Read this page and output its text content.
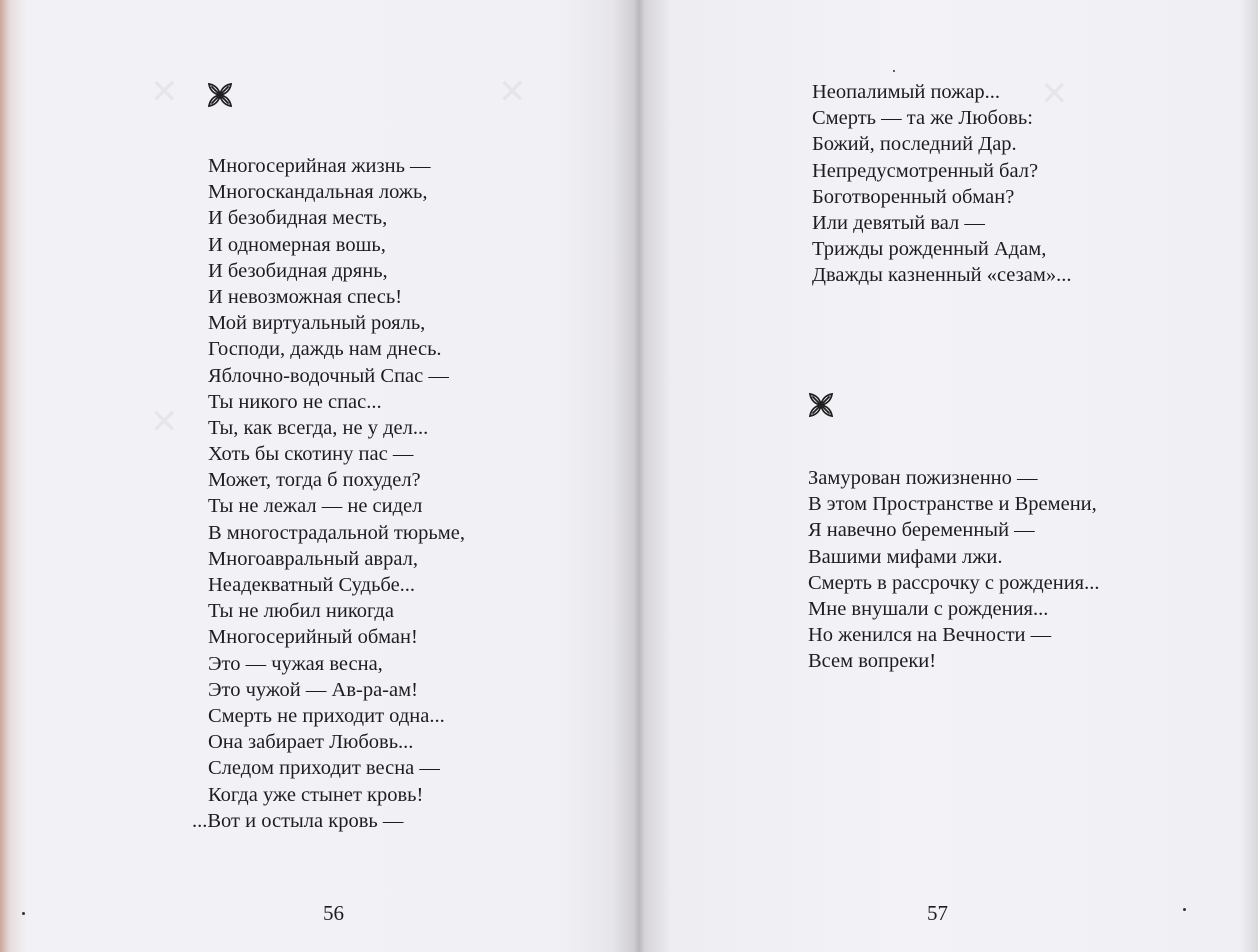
✕	✕
✕
Многосерийная жизнь —
Многоскандальная ложь,
И безобидная месть,
И одномерная вошь,
И безобидная дрянь,
И невозможная спесь!
Мой виртуальный рояль,
Господи, даждь нам днесь.
Яблочно-водочный Спас —
Ты никого не спас...
Ты, как всегда, не у дел...
Хоть бы скотину пас —
Может, тогда б похудел?
Ты не лежал — не сидел
В многострадальной тюрьме,
Многоавральный аврал,
Неадекватный Судьбе...
Ты не любил никогда
Многосерийный обман!
Это — чужая весна,
Это чужой — Ав-ра-ам!
Смерть не приходит одна...
Она забирает Любовь...
Следом приходит весна —
Когда уже стынет кровь!
...Вот и остыла кровь —
56
✕
Неопалимый пожар...
Смерть — та же Любовь:
Божий, последний Дар.
Непредусмотренный бал?
Боготворенный обман?
Или девятый вал —
Трижды рожденный Адам,
Дважды казненный «сезам»...
Замурован пожизненно —
В этом Пространстве и Времени,
Я навечно беременный —
Вашими мифами лжи.
Смерть в рассрочку с рождения...
Мне внушали с рождения...
Но женился на Вечности —
Всем вопреки!
57
